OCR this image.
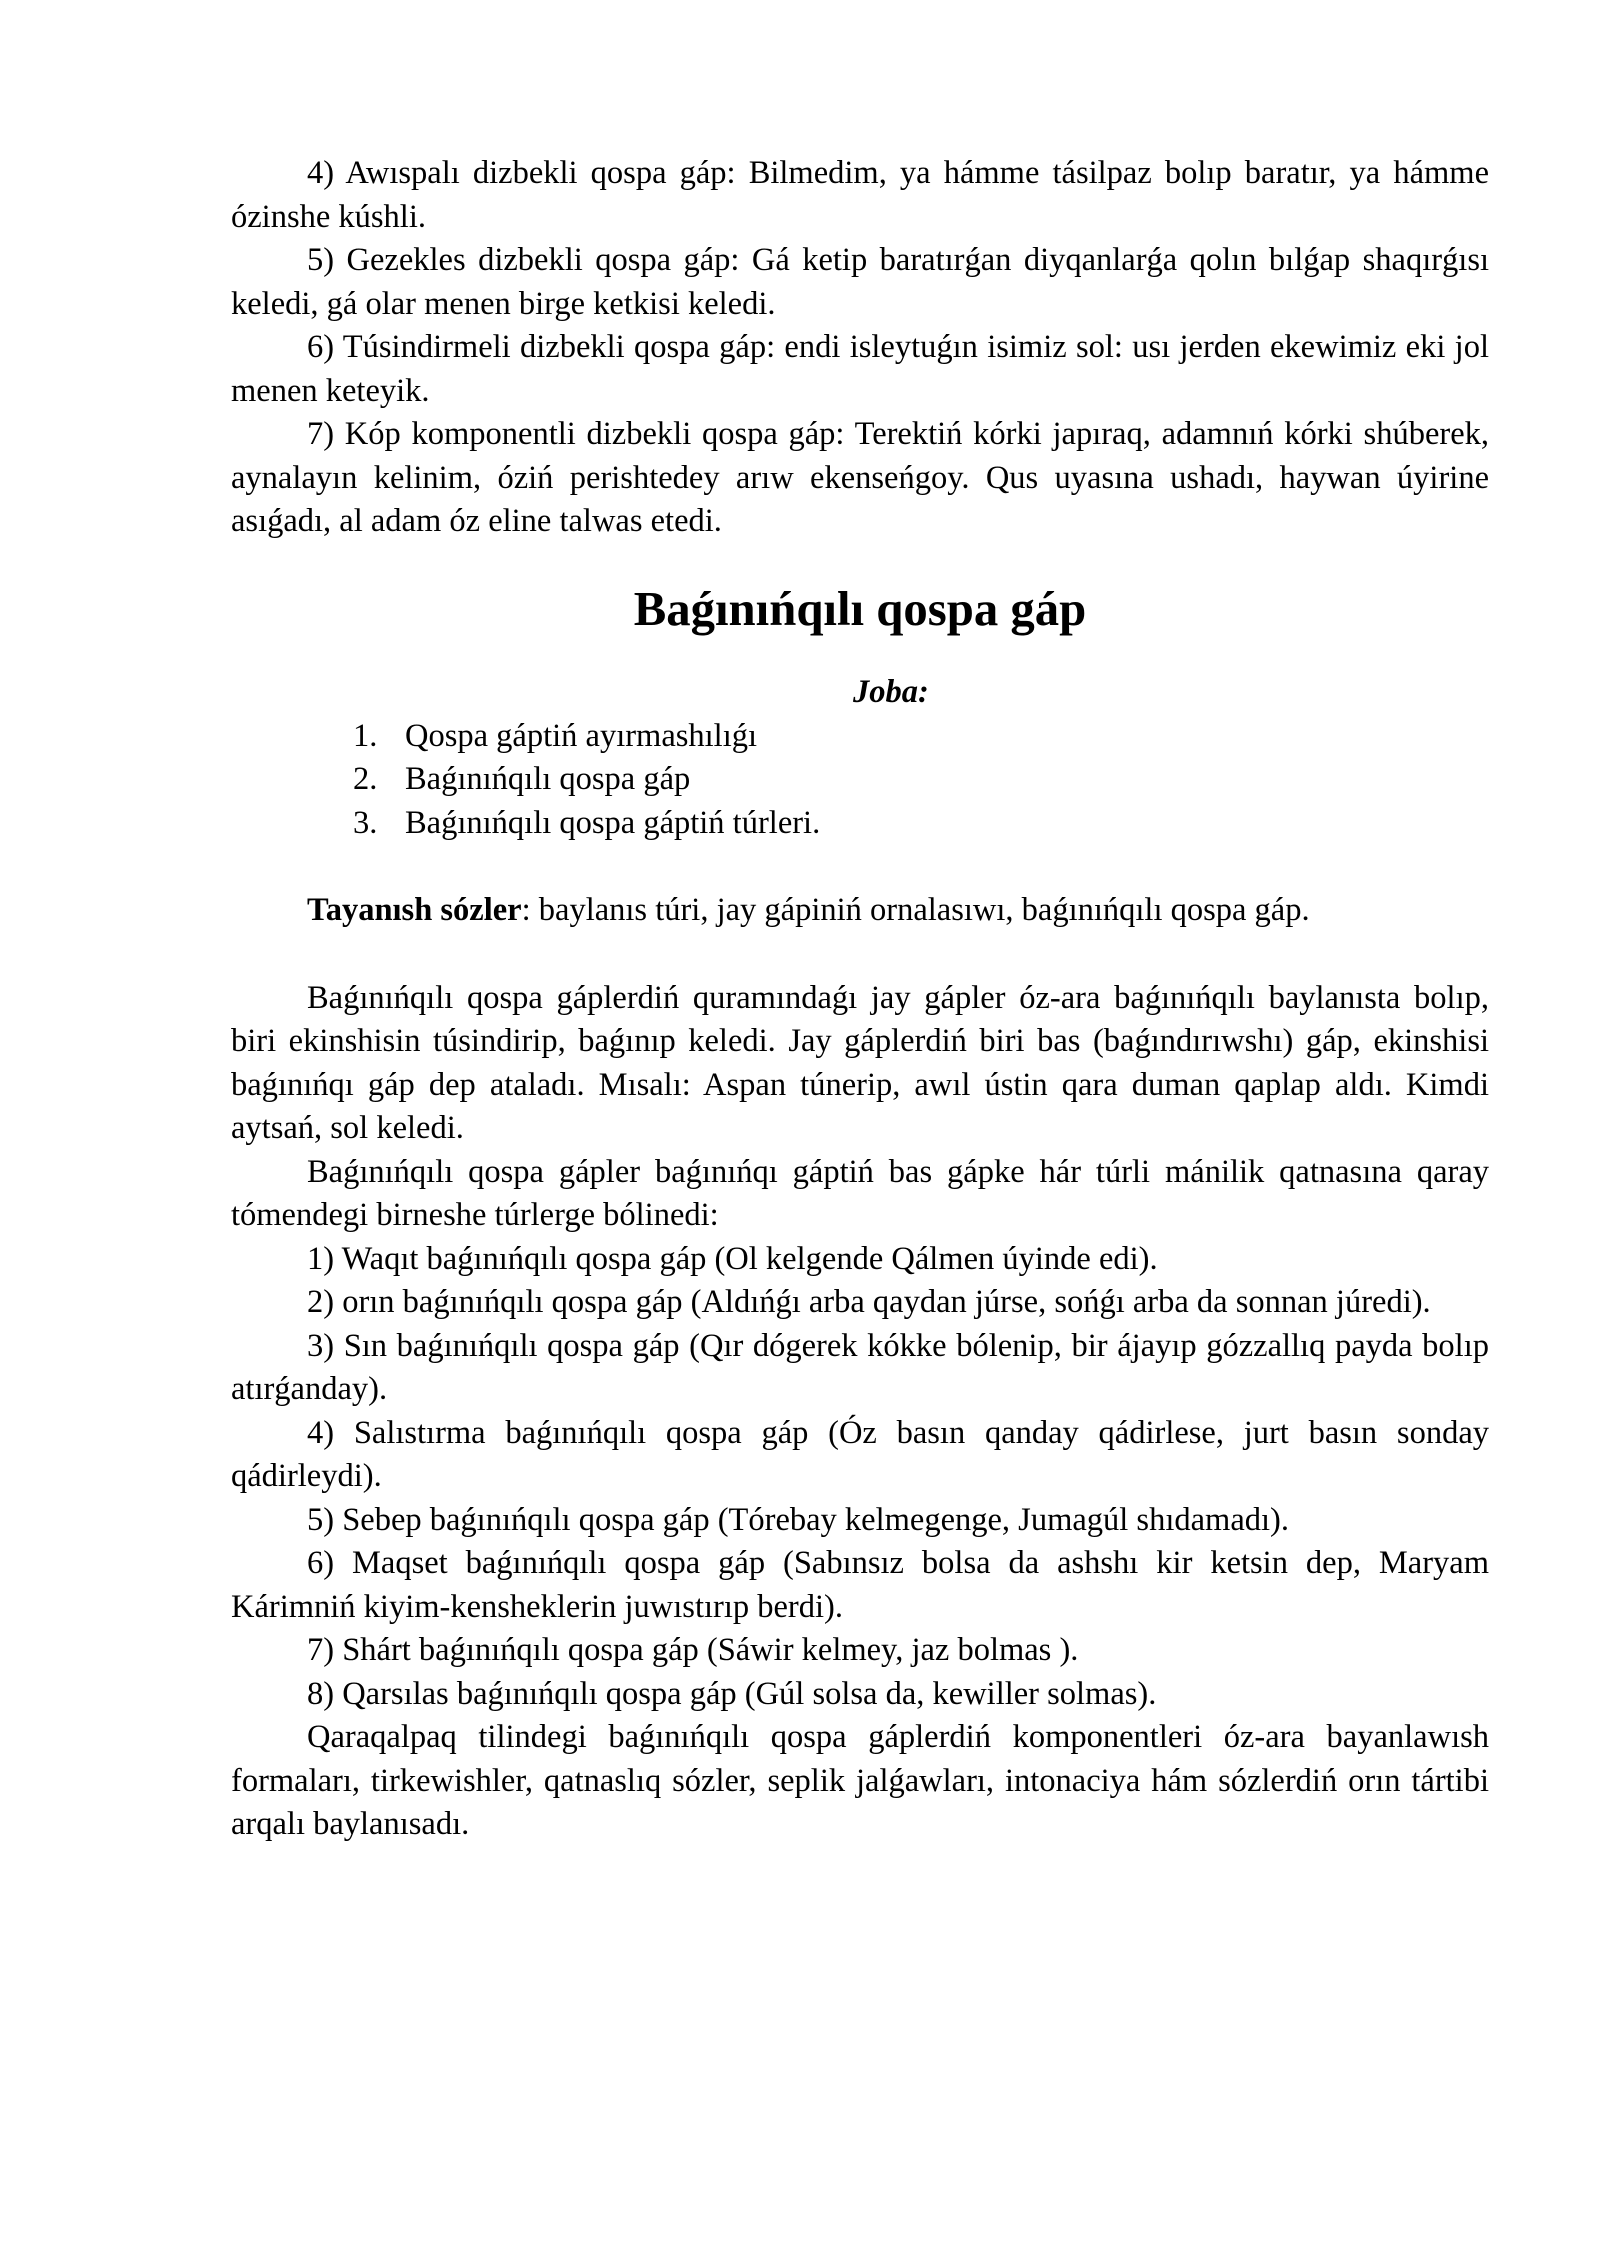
4) Awıspalı dizbekli qospa gáp: Bilmedim, ya hámme tásilpaz bolıp baratır, ya hámme ózinshe kúshli.

5) Gezekles dizbekli qospa gáp: Gá ketip baratırǵan diyqanlarǵa qolın bılǵap shaqırǵısı keledi, gá olar menen birge ketkisi keledi.

6) Túsindirmeli dizbekli qospa gáp: endi isleytuǵın isimiz sol: usı jerden ekewimiz eki jol menen keteyik.

7) Kóp komponentli dizbekli qospa gáp: Terektiń kórki japıraq, adamnıń kórki shúberek, aynalayın kelinim, óziń perishtedey arıw ekenseńgoy. Qus uyasına ushadı, haywan úyirine asıǵadı, al adam óz eline talwas etedi.

Baǵınıńqılı qospa gáp

Joba:

1. Qospa gáptiń ayırmashılıǵı
2. Baǵınıńqılı qospa gáp
3. Baǵınıńqılı qospa gáptiń túrleri.

Tayanısh sózler: baylanıs túri, jay gápiniń ornalasıwı, baǵınıńqılı qospa gáp.

Baǵınıńqılı qospa gáplerdiń quramındaǵı jay gápler óz-ara baǵınıńqılı baylanısta bolıp, biri ekinshisin túsindirip, baǵınıp keledi. Jay gáplerdiń biri bas (baǵındırıwshı) gáp, ekinshisi baǵınıńqı gáp dep ataladı. Mısalı: Aspan túnerip, awıl ústin qara duman qaplap aldı. Kimdi aytsań, sol keledi.

Baǵınıńqılı qospa gápler baǵınıńqı gáptiń bas gápke hár túrli mánilik qatnasına qaray tómendegi birneshe túrlerge bólinedi:

1) Waqıt baǵınıńqılı qospa gáp (Ol kelgende Qálmen úyinde edi).

2) orın baǵınıńqılı qospa gáp (Aldıńǵı arba qaydan júrse, sońǵı arba da sonnan júredi).

3) Sın baǵınıńqılı qospa gáp (Qır dógerek kókke bólenip, bir ájayıp gózzallıq payda bolıp atırǵanday).

4) Salıstırma baǵınıńqılı qospa gáp (Óz basın qanday qádirlese, jurt basın sonday qádirleydi).

5) Sebep baǵınıńqılı qospa gáp (Tórebay kelmegenge, Jumagúl shıdamadı).

6) Maqset baǵınıńqılı qospa gáp (Sabınsız bolsa da ashshı kir ketsin dep, Maryam Kárimniń kiyim-kensheklerin juwıstırıp berdi).

7) Shárt baǵınıńqılı qospa gáp (Sáwir kelmey, jaz bolmas ).

8) Qarsılas baǵınıńqılı qospa gáp (Gúl solsa da, kewiller solmas).

Qaraqalpaq tilindegi baǵınıńqılı qospa gáplerdiń komponentleri óz-ara bayanlawısh formaları, tirkewishler, qatnaslıq sózler, seplik jalǵawları, intonaciya hám sózlerdiń orın tártibi arqalı baylanısadı.
